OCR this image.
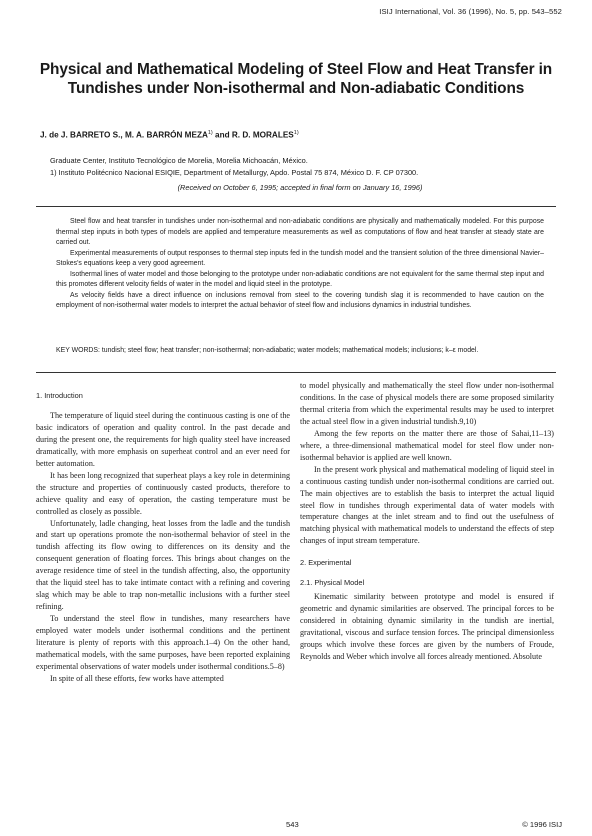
ISIJ International, Vol. 36 (1996), No. 5, pp. 543–552
Physical and Mathematical Modeling of Steel Flow and Heat Transfer in Tundishes under Non-isothermal and Non-adiabatic Conditions
J. de J. BARRETO S., M. A. BARRÓN MEZA$^{1)}$ and R. D. MORALES$^{1)}$
Graduate Center, Instituto Tecnológico de Morelia, Morelia Michoacán, México.
1) Instituto Politécnico Nacional ESIQIE, Department of Metallurgy, Apdo. Postal 75 874, México D. F. CP 07300.
(Received on October 6, 1995; accepted in final form on January 16, 1996)

Steel flow and heat transfer in tundishes under non-isothermal and non-adiabatic conditions are physically and mathematically modeled. For this purpose thermal step inputs in both types of models are applied and temperature measurements as well as computations of flow and heat transfer at steady state are carried out.

Experimental measurements of output responses to thermal step inputs fed in the tundish model and the transient solution of the three dimensional Navier–Stokes's equations keep a very good agreement.

Isothermal lines of water model and those belonging to the prototype under non-adiabatic conditions are not equivalent for the same thermal step input and this promotes different velocity fields of water in the model and liquid steel in the prototype.

As velocity fields have a direct influence on inclusions removal from steel to the covering tundish slag it is recommended to have caution on the employment of non-isothermal water models to interpret the actual behavior of steel flow and inclusions dynamics in industrial tundishes.

KEY WORDS: tundish; steel flow; heat transfer; non-isothermal; non-adiabatic; water models; mathematical models; inclusions; k–ε model.
1. Introduction

The temperature of liquid steel during the continuous casting is one of the basic indicators of operation and quality control. In the past decade and during the present one, the requirements for high quality steel have increased dramatically, with more emphasis on superheat control and an ever need for better automation.

It has been long recognized that superheat plays a key role in determining the structure and properties of continuously casted products, therefore to achieve quality and easy of operation, the casting temperature must be controlled as closely as possible.

Unfortunately, ladle changing, heat losses from the ladle and the tundish and start up operations promote the non-isothermal behavior of steel in the tundish affecting its flow owing to differences on its density and the consequent generation of floating forces. This brings about changes on the average residence time of steel in the tundish affecting, also, the opportunity that the liquid steel has to take intimate contact with a refining and covering slag which may be able to trap non-metallic inclusions with a further steel refining.

To understand the steel flow in tundishes, many researchers have employed water models under isothermal conditions and the pertinent literature is plenty of reports with this approach.1–4) On the other hand, mathematical models, with the same purposes, have been reported explaining experimental observations of water models under isothermal conditions.5–8)

In spite of all these efforts, few works have attempted

to model physically and mathematically the steel flow under non-isothermal conditions. In the case of physical models there are some proposed similarity thermal criteria from which the experimental results may be used to interpret the actual steel flow in a given industrial tundish.9,10)

Among the few reports on the matter there are those of Sahai,11–13) where, a three-dimensional mathematical model for steel flow under non-isothermal behavior is applied are well known.

In the present work physical and mathematical modeling of liquid steel in a continuous casting tundish under non-isothermal conditions are carried out. The main objectives are to establish the basis to interpret the actual liquid steel flow in tundishes through experimental data of water models with temperature changes at the inlet stream and to find out the usefulness of matching physical with mathematical models to understand the effects of step changes of input stream temperature.

2. Experimental
2.1. Physical Model

Kinematic similarity between prototype and model is ensured if geometric and dynamic similarities are observed. The principal forces to be considered in obtaining dynamic similarity in the tundish are inertial, gravitational, viscous and surface tension forces. The principal dimensionless groups which involve these forces are given by the numbers of Froude, Reynolds and Weber which involve all forces already mentioned. Absolute

543	© 1996 ISIJ
